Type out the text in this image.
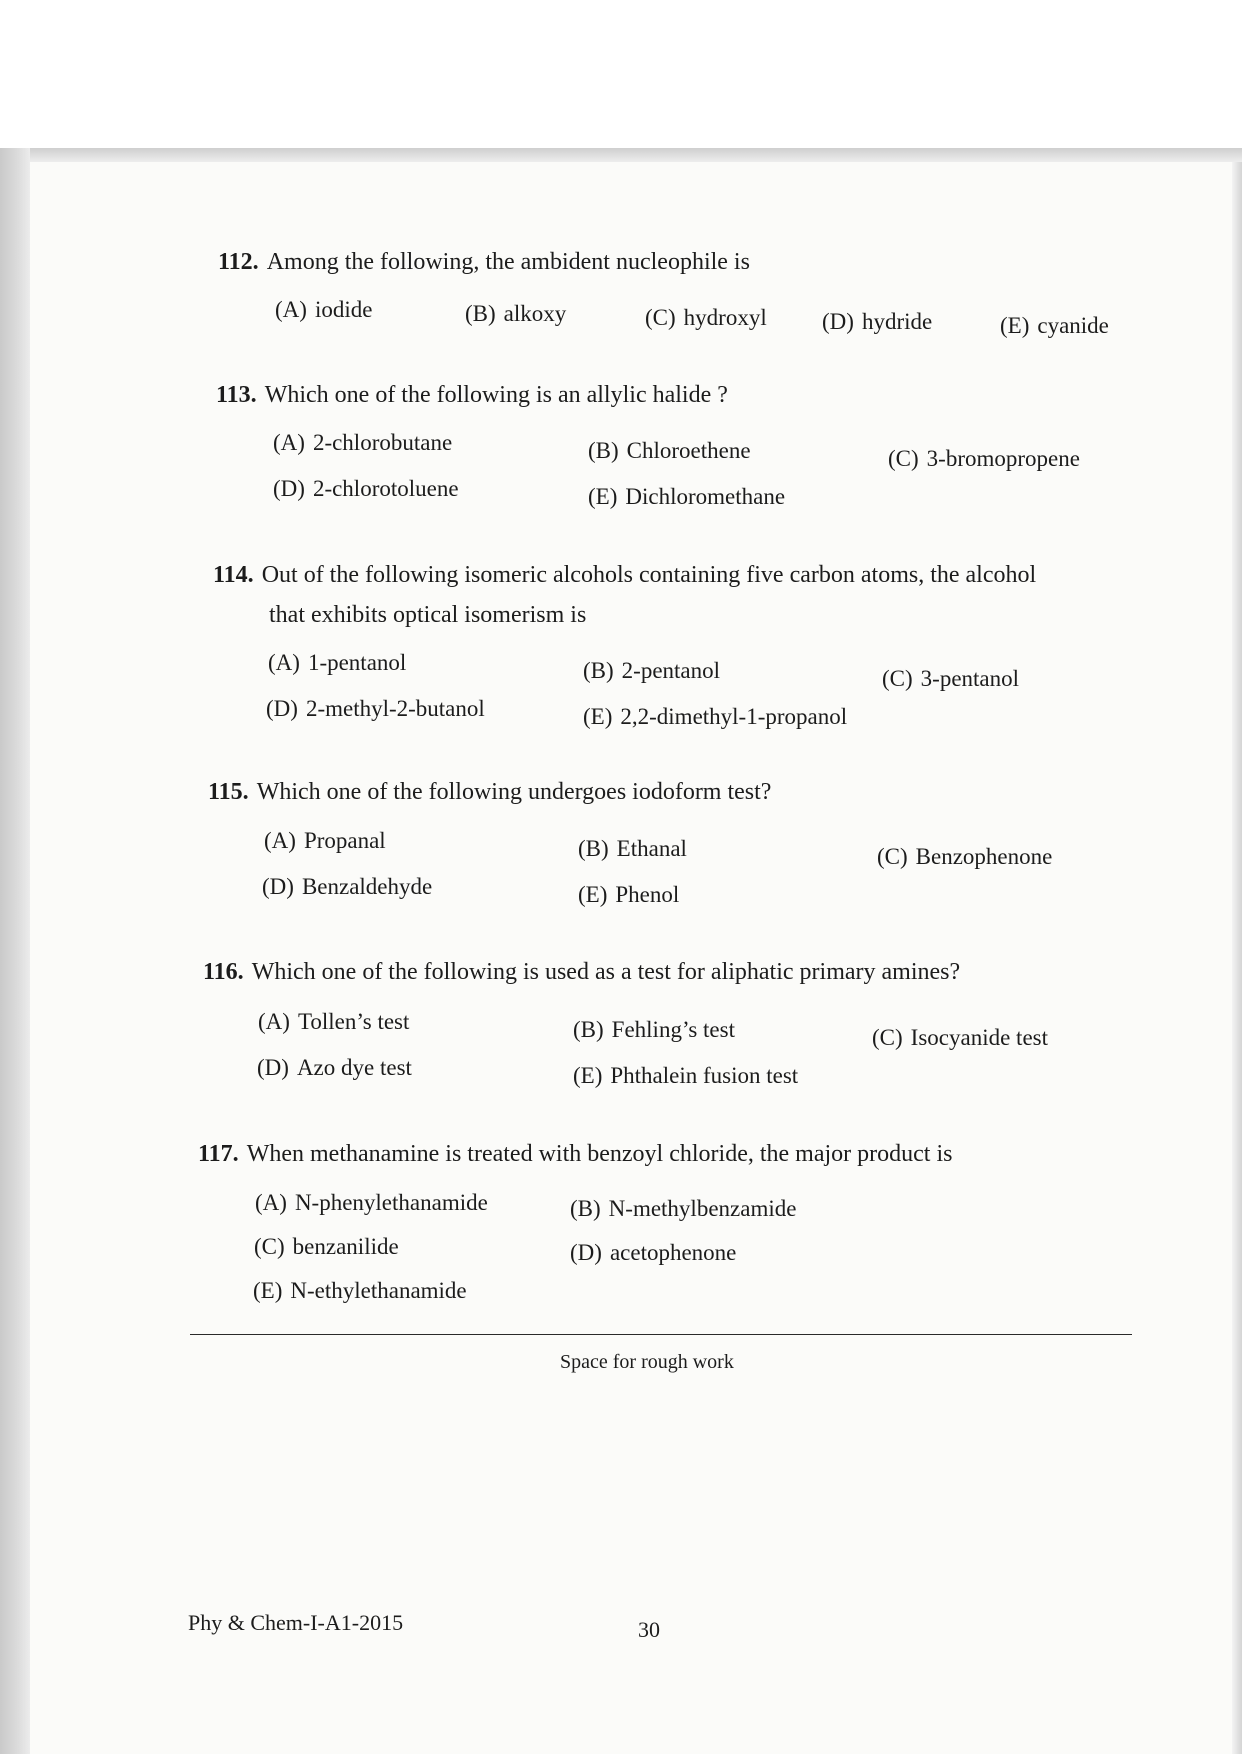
112. Among the following, the ambident nucleophile is
(A) iodide	(B) alkoxy	(C) hydroxyl (D) hydride	(E) cyanide
113. Which one of the following is an allylic halide ?
(A) 2-chlorobutane	(B) Chloroethene	(C) 3-bromopropene
(D) 2-chlorotoluene	(E) Dichloromethane
114. Out of the following isomeric alcohols containing five carbon atoms, the alcohol
that exhibits optical isomerism is
(A) 1-pentanol	(B) 2-pentanol	(C) 3-pentanol
(D) 2-methyl-2-butanol	(E) 2,2-dimethyl-1-propanol
115. Which one of the following undergoes iodoform test?
(A) Propanal	(B) Ethanal	(C) Benzophenone
(D) Benzaldehyde	(E) Phenol
116. Which one of the following is used as a test for aliphatic primary amines?
(A) Tollen’s test	(B) Fehling’s test	(C) Isocyanide test
(D) Azo dye test	(E) Phthalein fusion test
117. When methanamine is treated with benzoyl chloride, the major product is
(A) N-phenylethanamide	(B) N-methylbenzamide
(C) benzanilide	(D) acetophenone
(E) N-ethylethanamide
Space for rough work
Phy & Chem-I-A1-2015	30
